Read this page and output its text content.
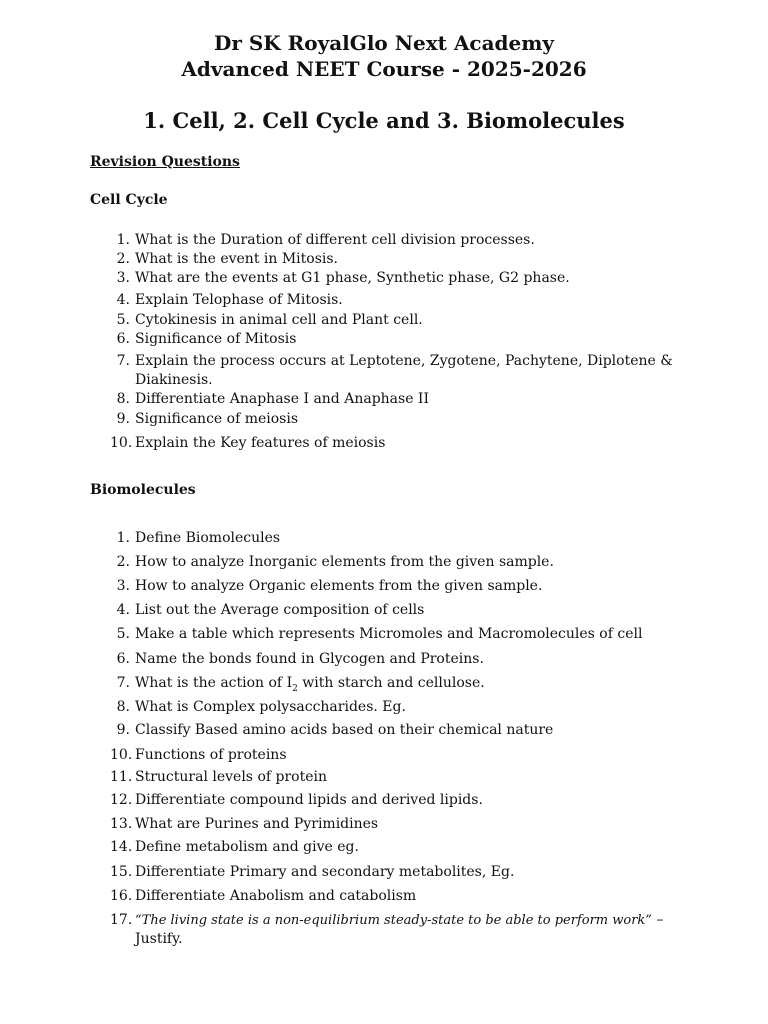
Dr SK RoyalGlo Next Academy
Advanced NEET Course - 2025-2026
1. Cell, 2. Cell Cycle and 3. Biomolecules
Revision Questions
Cell Cycle
1. What is the Duration of different cell division processes.
2. What is the event in Mitosis.
3. What are the events at G1 phase, Synthetic phase, G2 phase.
4. Explain Telophase of Mitosis.
5. Cytokinesis in animal cell and Plant cell.
6. Significance of Mitosis
7. Explain the process occurs at Leptotene, Zygotene, Pachytene, Diplotene & Diakinesis.
8. Differentiate Anaphase I and Anaphase II
9. Significance of meiosis
10. Explain the Key features of meiosis
Biomolecules
1. Define Biomolecules
2. How to analyze Inorganic elements from the given sample.
3. How to analyze Organic elements from the given sample.
4. List out the Average composition of cells
5. Make a table which represents Micromoles and Macromolecules of cell
6. Name the bonds found in Glycogen and Proteins.
7. What is the action of $I_2$ with starch and cellulose.
8. What is Complex polysaccharides. Eg.
9. Classify Based amino acids based on their chemical nature
10. Functions of proteins
11. Structural levels of protein
12. Differentiate compound lipids and derived lipids.
13. What are Purines and Pyrimidines
14. Define metabolism and give eg.
15. Differentiate Primary and secondary metabolites, Eg.
16. Differentiate Anabolism and catabolism
17. “The living state is a non-equilibrium steady-state to be able to perform work” – Justify.
